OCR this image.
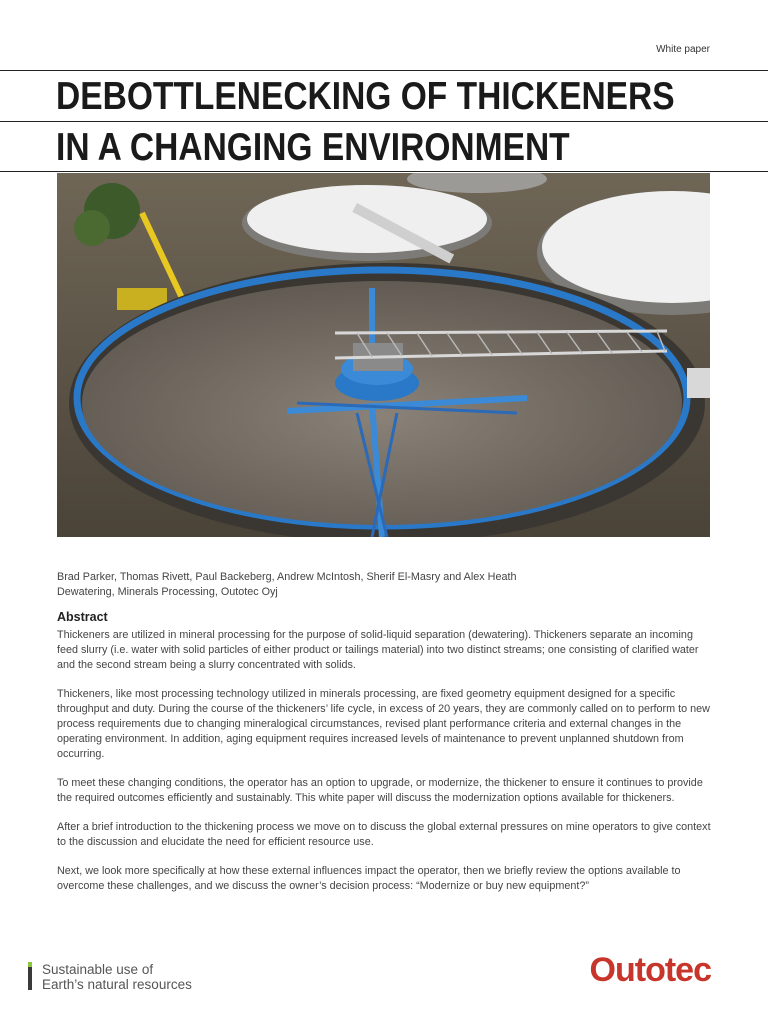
White paper
DEBOTTLENECKING OF THICKENERS
IN A CHANGING ENVIRONMENT
Brad Parker, Thomas Rivett, Paul Backeberg, Andrew McIntosh, Sherif El-Masry and Alex Heath
Dewatering, Minerals Processing, Outotec Oyj
Abstract

Thickeners are utilized in mineral processing for the purpose of solid-liquid separation (dewatering). Thickeners separate an incoming feed slurry (i.e. water with solid particles of either product or tailings material) into two distinct streams; one consisting of clarified water and the second stream being a slurry concentrated with solids.

Thickeners, like most processing technology utilized in minerals processing, are fixed geometry equipment designed for a specific throughput and duty. During the course of the thickeners’ life cycle, in excess of 20 years, they are commonly called on to perform to new process requirements due to changing mineralogical circumstances, revised plant performance criteria and external changes in the operating environment. In addition, aging equipment requires increased levels of maintenance to prevent unplanned shutdown from occurring.

To meet these changing conditions, the operator has an option to upgrade, or modernize, the thickener to ensure it continues to provide the required outcomes efficiently and sustainably. This white paper will discuss the modernization options available for thickeners.

After a brief introduction to the thickening process we move on to discuss the global external pressures on mine operators to give context to the discussion and elucidate the need for efficient resource use.

Next, we look more specifically at how these external influences impact the operator, then we briefly review the options available to overcome these challenges, and we discuss the owner’s decision process: “Modernize or buy new equipment?”

Sustainable use of
Earth’s natural resources	Outotec
